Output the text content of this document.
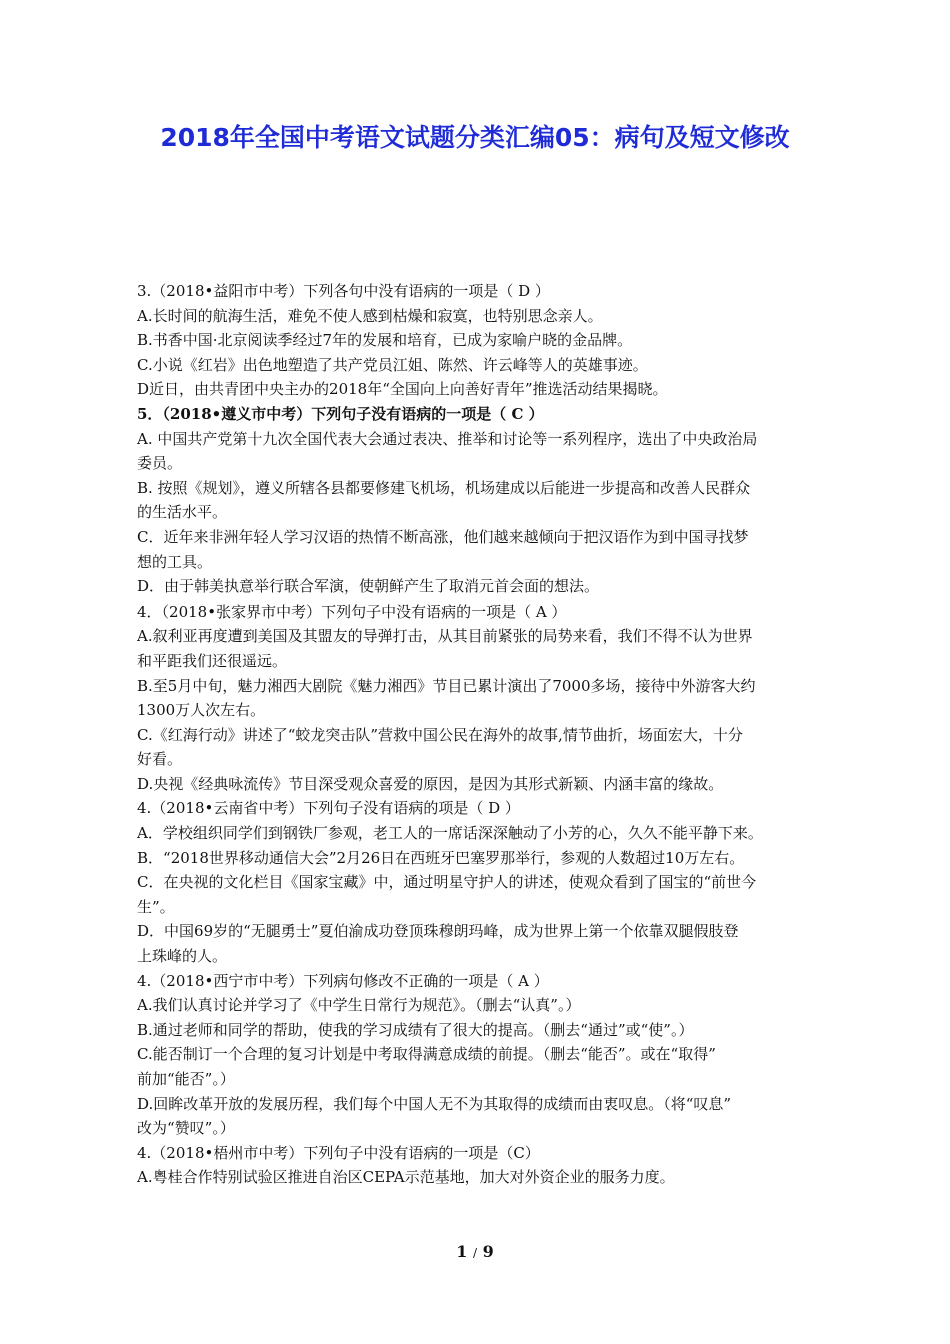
2018年全国中考语文试题分类汇编05：病句及短文修改
3.（2018•益阳市中考）下列各句中没有语病的一项是（ D ）
A.长时间的航海生活，难免不使人感到枯燥和寂寞，也特别思念亲人。
B.书香中国·北京阅读季经过7年的发展和培育，已成为家喻户晓的金品牌。
C.小说《红岩》出色地塑造了共产党员江姐、陈然、许云峰等人的英雄事迹。
D近日，由共青团中央主办的2018年“全国向上向善好青年”推选活动结果揭晓。
5．（2018•遵义市中考）下列句子没有语病的一项是（ C ）
A. 中国共产党第十九次全国代表大会通过表决、推举和讨论等一系列程序，选出了中央政治局
委员。
B. 按照《规划》，遵义所辖各县都要修建飞机场，机场建成以后能进一步提高和改善人民群众
的生活水平。
C．近年来非洲年轻人学习汉语的热情不断高涨，他们越来越倾向于把汉语作为到中国寻找梦
想的工具。
D．由于韩美执意举行联合军演，使朝鲜产生了取消元首会面的想法。
4．（2018•张家界市中考）下列句子中没有语病的一项是（ A ）
A.叙利亚再度遭到美国及其盟友的导弹打击，从其目前紧张的局势来看，我们不得不认为世界
和平距我们还很遥远。
B.至5月中旬，魅力湘西大剧院《魅力湘西》节目已累计演出了7000多场，接待中外游客大约
1300万人次左右。
C.《红海行动》讲述了“蛟龙突击队”营救中国公民在海外的故事,情节曲折，场面宏大，十分
好看。
D.央视《经典咏流传》节目深受观众喜爱的原因，是因为其形式新颖、内涵丰富的缘故。
4.（2018•云南省中考）下列句子没有语病的项是（ D ）
A．学校组织同学们到钢铁厂参观，老工人的一席话深深触动了小芳的心，久久不能平静下来。
B．“2018世界移动通信大会”2月26日在西班牙巴塞罗那举行，参观的人数超过10万左右。
C．在央视的文化栏目《国家宝藏》中，通过明星守护人的讲述，使观众看到了国宝的“前世今
生”。
D．中国69岁的“无腿勇士”夏伯渝成功登顶珠穆朗玛峰，成为世界上第一个依靠双腿假肢登
上珠峰的人。
4.（2018•西宁市中考）下列病句修改不正确的一项是（ A ）
A.我们认真讨论并学习了《中学生日常行为规范》。（删去“认真”。）
B.通过老师和同学的帮助，使我的学习成绩有了很大的提高。（删去“通过”或“使”。）
C.能否制订一个合理的复习计划是中考取得满意成绩的前提。（删去“能否”。或在“取得”
前加“能否”。）
D.回眸改革开放的发展历程，我们每个中国人无不为其取得的成绩而由衷叹息。（将“叹息”
改为“赞叹”。）
4.（2018•梧州市中考）下列句子中没有语病的一项是（C）
A.粤桂合作特别试验区推进自治区CEPA示范基地，加大对外资企业的服务力度。
1 / 9
